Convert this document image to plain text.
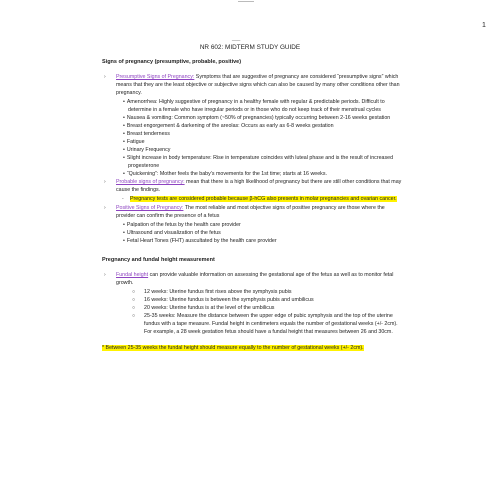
1
___
NR 602: MIDTERM STUDY GUIDE
Signs of pregnancy (presumptive, probable, positive)
› Presumptive Signs of Pregnancy: Symptoms that are suggestive of pregnancy are considered “presumptive signs” which means that they are the least objective or subjective signs which can also be caused by many other conditions other than pregnancy.
• Amenorrhea: Highly suggestive of pregnancy in a healthy female with regular & predictable periods. Difficult to determine in a female who have irregular periods or in those who do not keep track of their menstrual cycles
• Nausea & vomiting: Common symptom (~50% of pregnancies) typically occurring between 2-16 weeks gestation
• Breast engorgement & darkening of the areolas: Occurs as early as 6-8 weeks gestation
• Breast tenderness
• Fatigue
• Urinary Frequency
• Slight increase in body temperature: Rise in temperature coincides with luteal phase and is the result of increased progesterone
• “Quickening”: Mother feels the baby’s movements for the 1st time; starts at 16 weeks.
› Probable signs of pregnancy: mean that there is a high likelihood of pregnancy but there are still other conditions that may cause the findings.
- Pregnancy tests are considered probable because β-hCG also presents in molar pregnancies and ovarian cancer.
› Positive Signs of Pregnancy: The most reliable and most objective signs of positive pregnancy are those where the provider can confirm the presence of a fetus
• Palpation of the fetus by the health care provider
• Ultrasound and visualization of the fetus
• Fetal Heart Tones (FHT) auscultated by the health care provider
Pregnancy and fundal height measurement
› Fundal height can provide valuable information on assessing the gestational age of the fetus as well as to monitor fetal growth.
○ 12 weeks: Uterine fundus first rises above the symphysis pubis
○ 16 weeks: Uterine fundus is between the symphysis pubis and umbilicus
○ 20 weeks: Uterine fundus is at the level of the umbilicus
○ 25-35 weeks: Measure the distance between the upper edge of pubic symphysis and the top of the uterine fundus with a tape measure. Fundal height in centimeters equals the number of gestational weeks (+/- 2cm). For example, a 28 week gestation fetus should have a fundal height that measures between 26 and 30cm.
* Between 25-35 weeks the fundal height should measure equally to the number of gestational weeks (+/- 2cm).
